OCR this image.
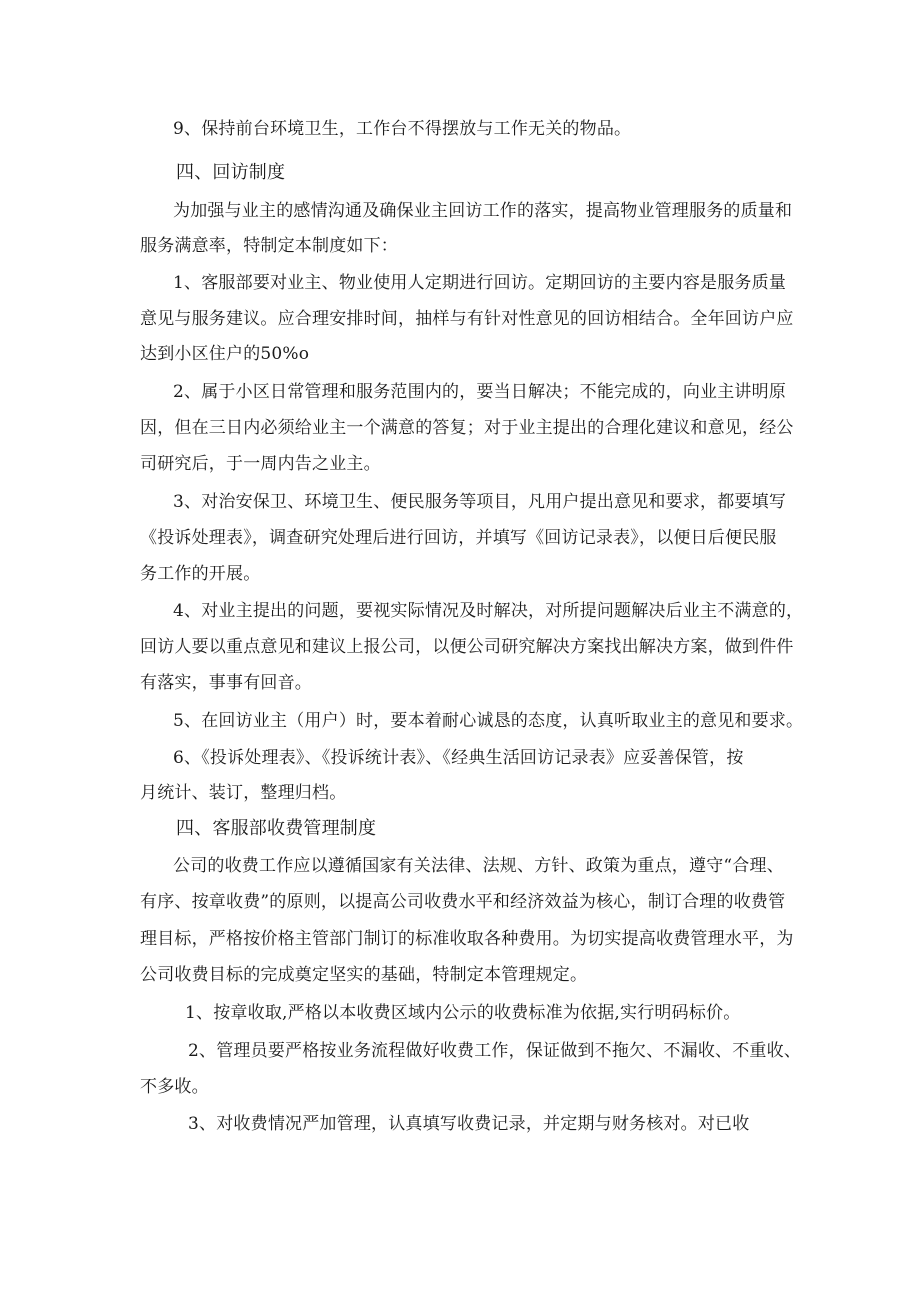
9、保持前台环境卫生，工作台不得摆放与工作无关的物品。
四、回访制度
为加强与业主的感情沟通及确保业主回访工作的落实，提高物业管理服务的质量和
服务满意率，特制定本制度如下：
1、客服部要对业主、物业使用人定期进行回访。定期回访的主要内容是服务质量
意见与服务建议。应合理安排时间，抽样与有针对性意见的回访相结合。全年回访户应
达到小区住户的50%o
2、属于小区日常管理和服务范围内的，要当日解决；不能完成的，向业主讲明原
因，但在三日内必须给业主一个满意的答复；对于业主提出的合理化建议和意见，经公
司研究后，于一周内告之业主。
3、对治安保卫、环境卫生、便民服务等项目，凡用户提出意见和要求，都要填写
《投诉处理表》，调查研究处理后进行回访，并填写《回访记录表》，以便日后便民服
务工作的开展。
4、对业主提出的问题，要视实际情况及时解决，对所提问题解决后业主不满意的，
回访人要以重点意见和建议上报公司，以便公司研究解决方案找出解决方案，做到件件
有落实，事事有回音。
5、在回访业主（用户）时，要本着耐心诚恳的态度，认真听取业主的意见和要求。
6、《投诉处理表》、《投诉统计表》、《经典生活回访记录表》应妥善保管，按
月统计、装订，整理归档。
四、客服部收费管理制度
公司的收费工作应以遵循国家有关法律、法规、方针、政策为重点，遵守“合理、
有序、按章收费”的原则，以提高公司收费水平和经济效益为核心，制订合理的收费管
理目标，严格按价格主管部门制订的标准收取各种费用。为切实提高收费管理水平，为
公司收费目标的完成奠定坚实的基础，特制定本管理规定。
1、按章收取,严格以本收费区域内公示的收费标准为依据,实行明码标价。
2、管理员要严格按业务流程做好收费工作，保证做到不拖欠、不漏收、不重收、
不多收。
3、对收费情况严加管理，认真填写收费记录，并定期与财务核对。对已收
